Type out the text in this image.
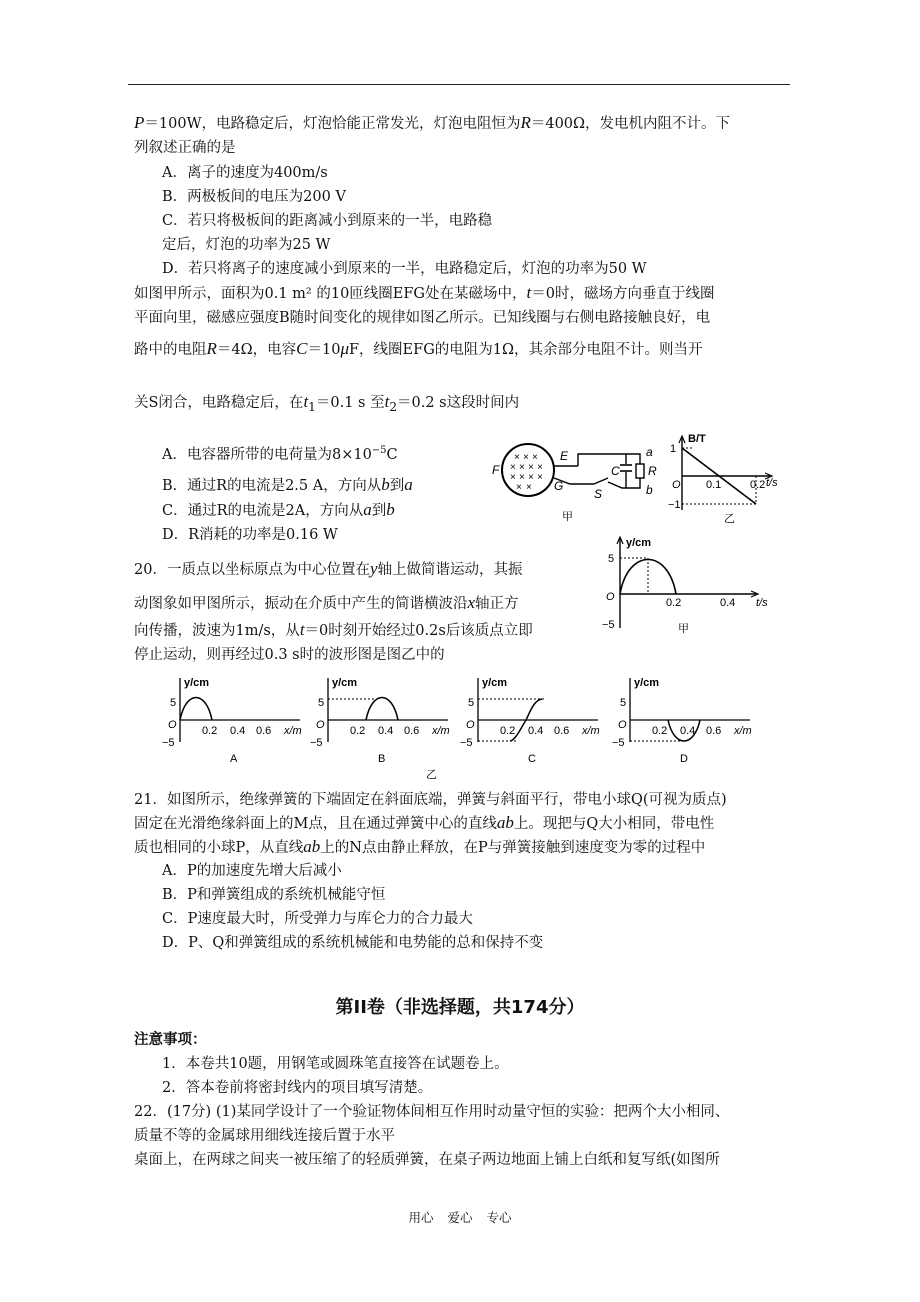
P＝100W，电路稳定后，灯泡恰能正常发光，灯泡电阻恒为R＝400Ω，发电机内阻不计。下
列叙述正确的是
A．离子的速度为400m/s
B．两极板间的电压为200 V
C．若只将极板间的距离减小到原来的一半，电路稳
定后，灯泡的功率为25 W
D．若只将离子的速度减小到原来的一半，电路稳定后，灯泡的功率为50 W
如图甲所示，面积为0.1 m² 的10匝线圈EFG处在某磁场中，t＝0时，磁场方向垂直于线圈
平面向里，磁感应强度B随时间变化的规律如图乙所示。已知线圈与右侧电路接触良好，电
路中的电阻R＝4Ω，电容C＝10μF，线圈EFG的电阻为1Ω，其余部分电阻不计。则当开
关S闭合，电路稳定后，在$t_1=0.1$ s 至$t_2=0.2$ s这段时间内
A．电容器所带的电荷量为$8\times 10^{-5}C$
B．通过R的电流是2.5 A，方向从b到a
C．通过R的电流是2A，方向从a到b
D．R消耗的功率是0.16 W
× × ×
× × × ×
× × × ×
× ×
F
E
G
S
C R
a
b
甲
B/T
1
−1
O 0.1	0.2 t/s
乙
20．一质点以坐标原点为中心位置在y轴上做简谐运动，其振
动图象如甲图所示，振动在介质中产生的简谐横波沿x轴正方
向传播，波速为1m/s，从t＝0时刻开始经过0.2s后该质点立即
停止运动，则再经过0.3 s时的波形图是图乙中的
y/cm
5
−5
O	0.2	0.4 t/s
甲
y/cm
5
−5
O 0.2 0.4 0.6 x/m
A
y/cm
5
−5
O 0.2 0.4 0.6 x/m
B
乙
y/cm
5
−5
O 0.2 0.4 0.6 x/m
C
y/cm
5
−5
O 0.2 0.4 0.6 x/m
D
21．如图所示，绝缘弹簧的下端固定在斜面底端，弹簧与斜面平行，带电小球Q(可视为质点)
固定在光滑绝缘斜面上的M点，且在通过弹簧中心的直线ab上。现把与Q大小相同，带电性
质也相同的小球P，从直线ab上的N点由静止释放，在P与弹簧接触到速度变为零的过程中
A．P的加速度先增大后减小
B．P和弹簧组成的系统机械能守恒
C．P速度最大时，所受弹力与库仑力的合力最大
D．P、Q和弹簧组成的系统机械能和电势能的总和保持不变
第II卷（非选择题，共174分）
注意事项：
1．本卷共10题，用钢笔或圆珠笔直接答在试题卷上。
2．答本卷前将密封线内的项目填写清楚。
22．(17分) (1)某同学设计了一个验证物体间相互作用时动量守恒的实验：把两个大小相同、
质量不等的金属球用细线连接后置于水平
桌面上，在两球之间夹一被压缩了的轻质弹簧，在桌子两边地面上铺上白纸和复写纸(如图所
用心 爱心 专心
